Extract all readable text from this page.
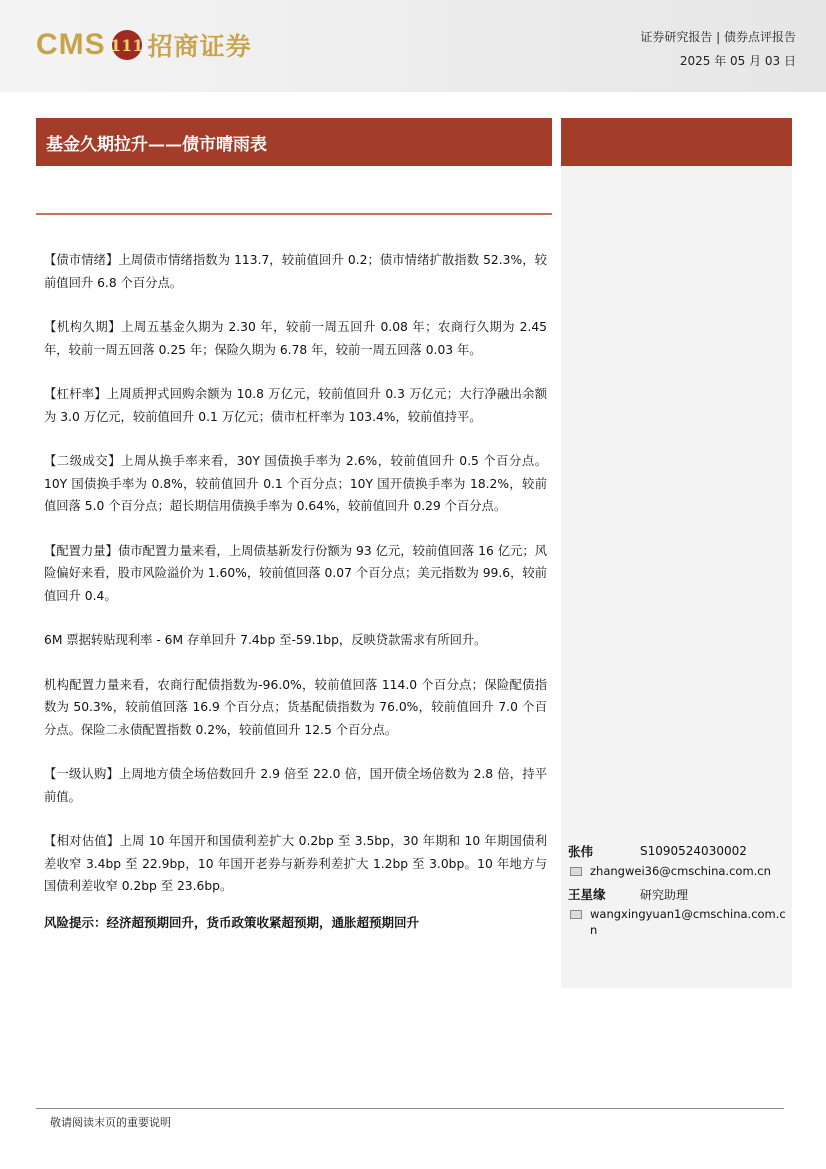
CMS 111 招商证券	证券研究报告 | 债券点评报告
2025 年 05 月 03 日
基金久期拉升——债市晴雨表

【债市情绪】上周债市情绪指数为 113.7，较前值回升 0.2；债市情绪扩散指数 52.3%，较前值回升 6.8 个百分点。

【机构久期】上周五基金久期为 2.30 年，较前一周五回升 0.08 年；农商行久期为 2.45 年，较前一周五回落 0.25 年；保险久期为 6.78 年，较前一周五回落 0.03 年。

【杠杆率】上周质押式回购余额为 10.8 万亿元，较前值回升 0.3 万亿元；大行净融出余额为 3.0 万亿元，较前值回升 0.1 万亿元；债市杠杆率为 103.4%，较前值持平。

【二级成交】上周从换手率来看，30Y 国债换手率为 2.6%，较前值回升 0.5 个百分点。10Y 国债换手率为 0.8%，较前值回升 0.1 个百分点；10Y 国开债换手率为 18.2%，较前值回落 5.0 个百分点；超长期信用债换手率为 0.64%，较前值回升 0.29 个百分点。

【配置力量】债市配置力量来看，上周债基新发行份额为 93 亿元，较前值回落 16 亿元；风险偏好来看，股市风险溢价为 1.60%，较前值回落 0.07 个百分点；美元指数为 99.6，较前值回升 0.4。

6M 票据转贴现利率 - 6M 存单回升 7.4bp 至-59.1bp，反映贷款需求有所回升。

机构配置力量来看，农商行配债指数为-96.0%，较前值回落 114.0 个百分点；保险配债指数为 50.3%，较前值回落 16.9 个百分点；货基配债指数为 76.0%，较前值回升 7.0 个百分点。保险二永债配置指数 0.2%，较前值回升 12.5 个百分点。

【一级认购】上周地方债全场倍数回升 2.9 倍至 22.0 倍，国开债全场倍数为 2.8 倍，持平前值。

【相对估值】上周 10 年国开和国债利差扩大 0.2bp 至 3.5bp，30 年期和 10 年期国债利差收窄 3.4bp 至 22.9bp，10 年国开老券与新券利差扩大 1.2bp 至 3.0bp。10 年地方与国债利差收窄 0.2bp 至 23.6bp。

风险提示：经济超预期回升，货币政策收紧超预期，通胀超预期回升

张伟	S1090524030002
zhangwei36@cmschina.com.cn
王星缘	研究助理
wangxingyuan1@cmschina.com.cn
敬请阅读末页的重要说明
